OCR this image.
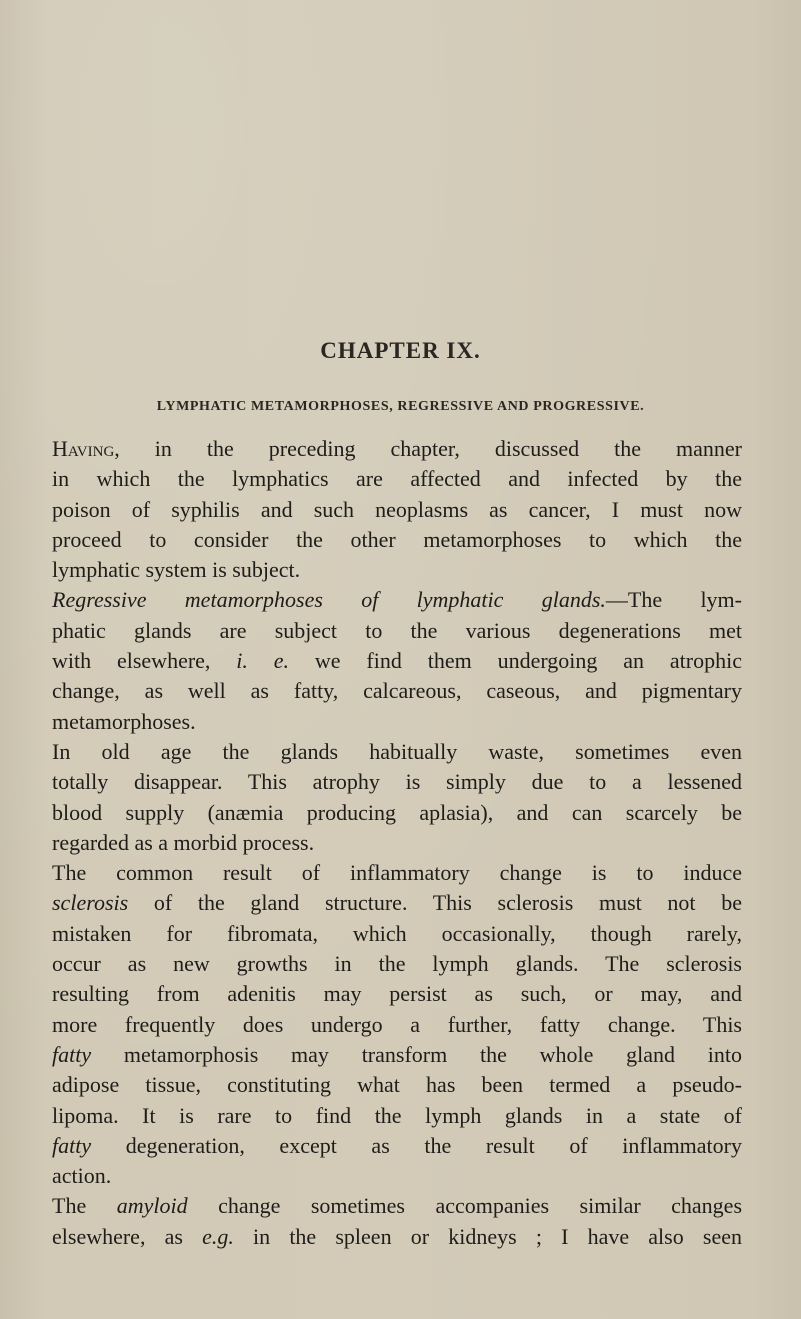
CHAPTER IX.
LYMPHATIC METAMORPHOSES, REGRESSIVE AND PROGRESSIVE.
Having, in the preceding chapter, discussed the manner
in which the lymphatics are affected and infected by the
poison of syphilis and such neoplasms as cancer, I must now
proceed to consider the other metamorphoses to which the
lymphatic system is subject.
Regressive metamorphoses of lymphatic glands.—The lym-
phatic glands are subject to the various degenerations met
with elsewhere, i. e. we find them undergoing an atrophic
change, as well as fatty, calcareous, caseous, and pigmentary
metamorphoses.
In old age the glands habitually waste, sometimes even
totally disappear. This atrophy is simply due to a lessened
blood supply (anæmia producing aplasia), and can scarcely be
regarded as a morbid process.
The common result of inflammatory change is to induce
sclerosis of the gland structure. This sclerosis must not be
mistaken for fibromata, which occasionally, though rarely,
occur as new growths in the lymph glands. The sclerosis
resulting from adenitis may persist as such, or may, and
more frequently does undergo a further, fatty change. This
fatty metamorphosis may transform the whole gland into
adipose tissue, constituting what has been termed a pseudo-
lipoma. It is rare to find the lymph glands in a state of
fatty degeneration, except as the result of inflammatory
action.
The amyloid change sometimes accompanies similar changes
elsewhere, as e.g. in the spleen or kidneys ; I have also seen
